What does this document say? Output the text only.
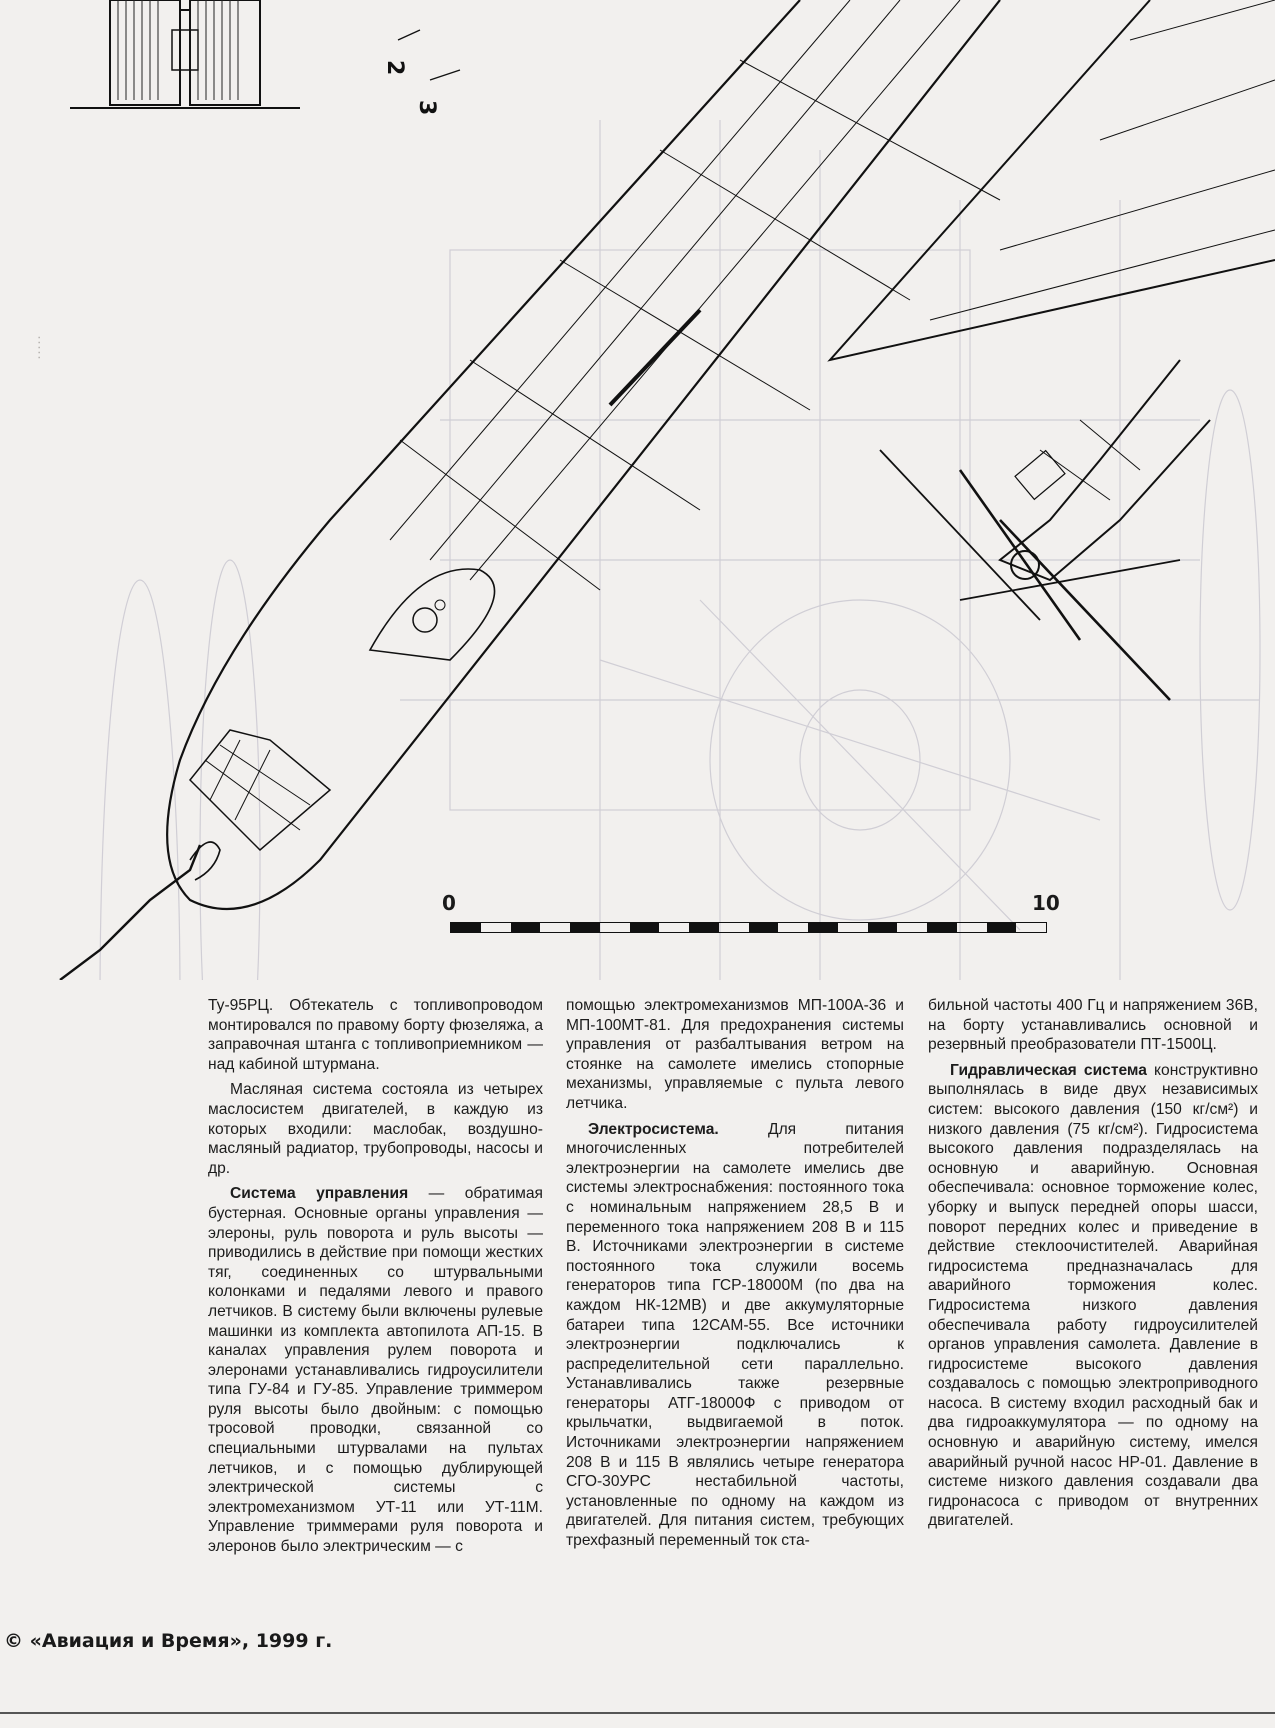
2
3
·····
0	10

Ту-95РЦ. Обтекатель с топливопроводом монтировался по правому борту фюзеляжа, а заправочная штанга с топливоприемником — над кабиной штурмана.

Масляная система состояла из четырех маслосистем двигателей, в каждую из которых входили: маслобак, воздушно-масляный радиатор, трубопроводы, насосы и др.

Система управления — обратимая бустерная. Основные органы управления — элероны, руль поворота и руль высоты — приводились в действие при помощи жестких тяг, соединенных со штурвальными колонками и педалями левого и правого летчиков. В систему были включены рулевые машинки из комплекта автопилота АП-15. В каналах управления рулем поворота и элеронами устанавливались гидроусилители типа ГУ-84 и ГУ-85. Управление триммером руля высоты было двойным: с помощью тросовой проводки, связанной со специальными штурвалами на пультах летчиков, и с помощью дублирующей электрической системы с электромеханизмом УТ-11 или УТ-11М. Управление триммерами руля поворота и элеронов было электрическим — с

помощью электромеханизмов МП-100А-36 и МП-100МТ-81. Для предохранения системы управления от разбалтывания ветром на стоянке на самолете имелись стопорные механизмы, управляемые с пульта левого летчика.

Электросистема. Для питания многочисленных потребителей электроэнергии на самолете имелись две системы электроснабжения: постоянного тока с номинальным напряжением 28,5 В и переменного тока напряжением 208 В и 115 В. Источниками электроэнергии в системе постоянного тока служили восемь генераторов типа ГСР-18000М (по два на каждом НК-12МВ) и две аккумуляторные батареи типа 12САМ-55. Все источники электроэнергии подключались к распределительной сети параллельно. Устанавливались также резервные генераторы АТГ-18000Ф с приводом от крыльчатки, выдвигаемой в поток. Источниками электроэнергии напряжением 208 В и 115 В являлись четыре генератора СГО-30УРС нестабильной частоты, установленные по одному на каждом из двигателей. Для питания систем, требующих трехфазный переменный ток ста-

бильной частоты 400 Гц и напряжением 36В, на борту устанавливались основной и резервный преобразователи ПТ-1500Ц.

Гидравлическая система конструктивно выполнялась в виде двух независимых систем: высокого давления (150 кг/см²) и низкого давления (75 кг/см²). Гидросистема высокого давления подразделялась на основную и аварийную. Основная обеспечивала: основное торможение колес, уборку и выпуск передней опоры шасси, поворот передних колес и приведение в действие стеклоочистителей. Аварийная гидросистема предназначалась для аварийного торможения колес. Гидросистема низкого давления обеспечивала работу гидроусилителей органов управления самолета. Давление в гидросистеме высокого давления создавалось с помощью электроприводного насоса. В систему входил расходный бак и два гидроаккумулятора — по одному на основную и аварийную систему, имелся аварийный ручной насос НР-01. Давление в системе низкого давления создавали два гидронасоса с приводом от внутренних двигателей.

© «Авиация и Время», 1999 г.
